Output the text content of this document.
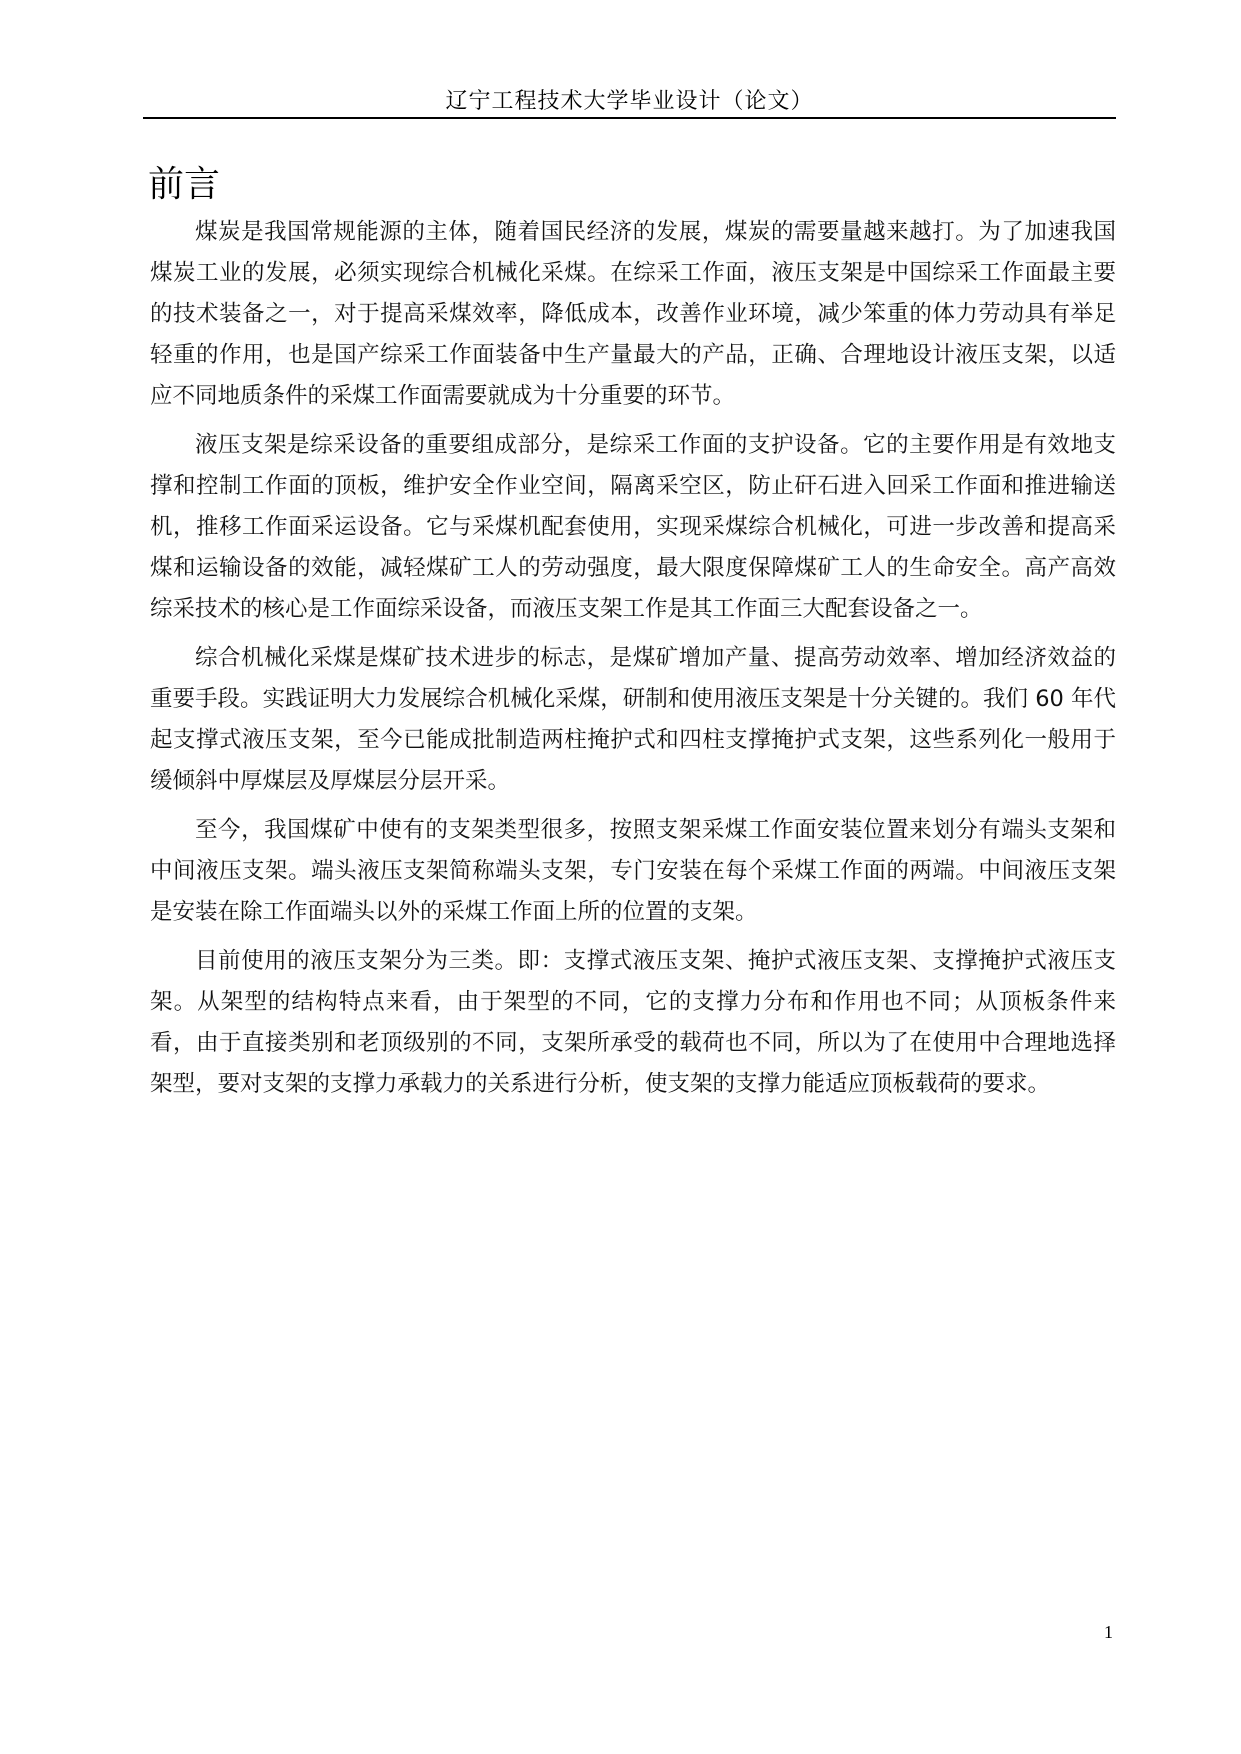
辽宁工程技术大学毕业设计（论文）
前言

煤炭是我国常规能源的主体，随着国民经济的发展，煤炭的需要量越来越打。为了加速我国煤炭工业的发展，必须实现综合机械化采煤。在综采工作面，液压支架是中国综采工作面最主要的技术装备之一，对于提高采煤效率，降低成本，改善作业环境，减少笨重的体力劳动具有举足轻重的作用，也是国产综采工作面装备中生产量最大的产品，正确、合理地设计液压支架，以适应不同地质条件的采煤工作面需要就成为十分重要的环节。

液压支架是综采设备的重要组成部分，是综采工作面的支护设备。它的主要作用是有效地支撑和控制工作面的顶板，维护安全作业空间，隔离采空区，防止矸石进入回采工作面和推进输送机，推移工作面采运设备。它与采煤机配套使用，实现采煤综合机械化，可进一步改善和提高采煤和运输设备的效能，减轻煤矿工人的劳动强度，最大限度保障煤矿工人的生命安全。高产高效综采技术的核心是工作面综采设备，而液压支架工作是其工作面三大配套设备之一。

综合机械化采煤是煤矿技术进步的标志，是煤矿增加产量、提高劳动效率、增加经济效益的重要手段。实践证明大力发展综合机械化采煤，研制和使用液压支架是十分关键的。我们 60 年代起支撑式液压支架，至今已能成批制造两柱掩护式和四柱支撑掩护式支架，这些系列化一般用于缓倾斜中厚煤层及厚煤层分层开采。

至今，我国煤矿中使有的支架类型很多，按照支架采煤工作面安装位置来划分有端头支架和中间液压支架。端头液压支架简称端头支架，专门安装在每个采煤工作面的两端。中间液压支架是安装在除工作面端头以外的采煤工作面上所的位置的支架。

目前使用的液压支架分为三类。即：支撑式液压支架、掩护式液压支架、支撑掩护式液压支架。从架型的结构特点来看，由于架型的不同，它的支撑力分布和作用也不同；从顶板条件来看，由于直接类别和老顶级别的不同，支架所承受的载荷也不同，所以为了在使用中合理地选择架型，要对支架的支撑力承载力的关系进行分析，使支架的支撑力能适应顶板载荷的要求。

1
